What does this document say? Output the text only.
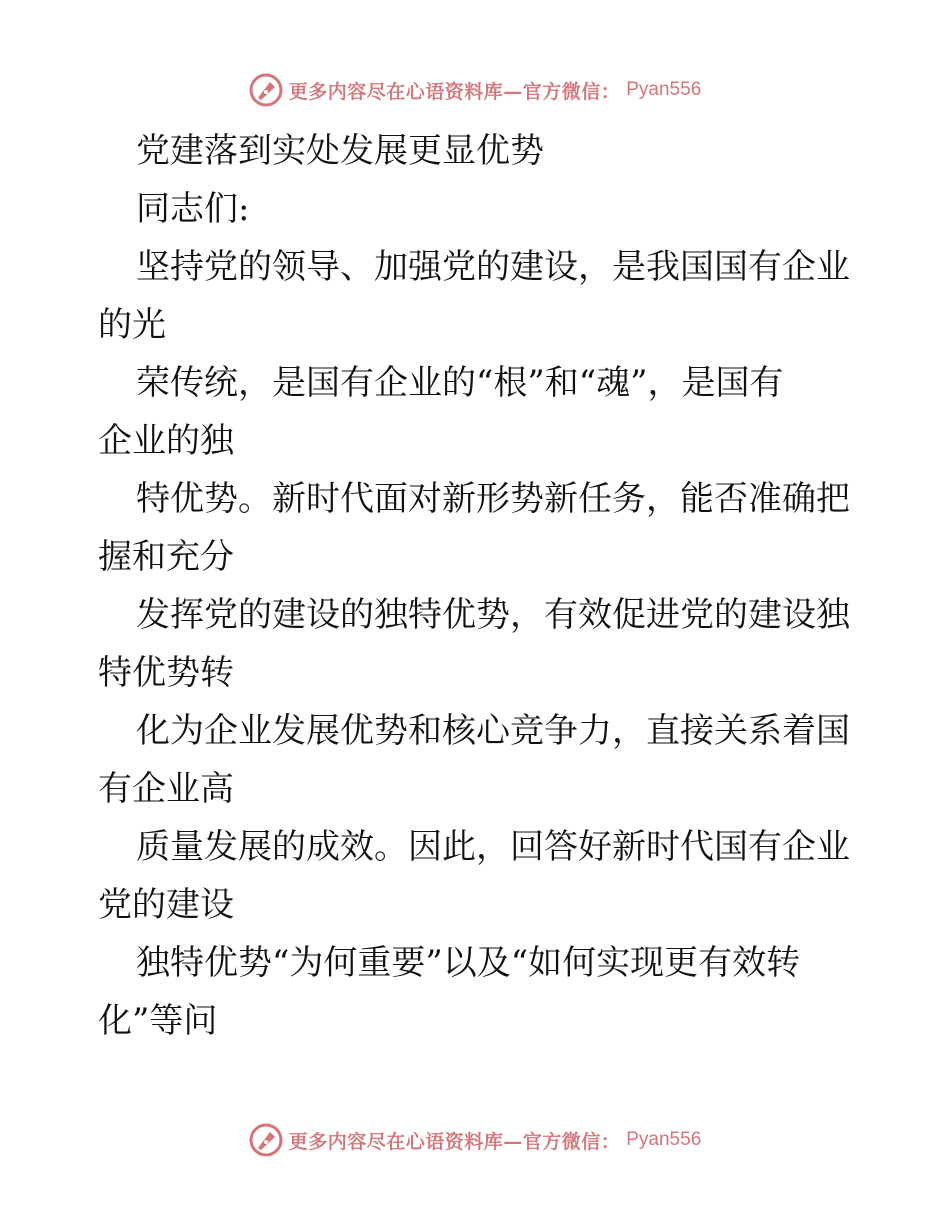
更多内容尽在心语资料库—官方微信： Pyan556
党建落到实处发展更显优势
同志们:
坚持党的领导、加强党的建设，是我国国有企业
的光
荣传统，是国有企业的“根”和“魂”，是国有
企业的独
特优势。新时代面对新形势新任务，能否准确把
握和充分
发挥党的建设的独特优势，有效促进党的建设独
特优势转
化为企业发展优势和核心竞争力，直接关系着国
有企业高
质量发展的成效。因此，回答好新时代国有企业
党的建设
独特优势“为何重要”以及“如何实现更有效转
化”等问
更多内容尽在心语资料库—官方微信： Pyan556
